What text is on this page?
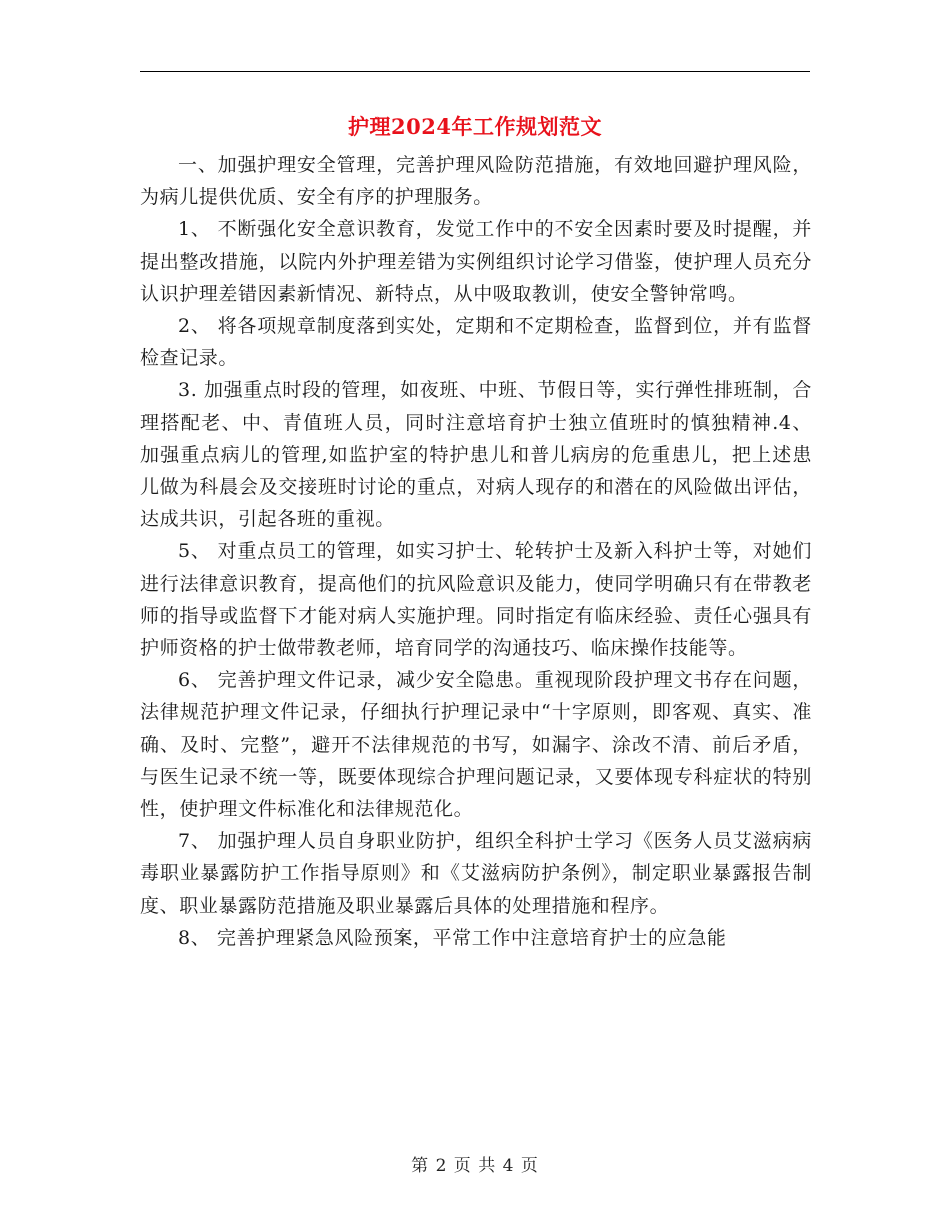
护理2024年工作规划范文

一、加强护理安全管理，完善护理风险防范措施，有效地回避护理风险，为病儿提供优质、安全有序的护理服务。

1、 不断强化安全意识教育，发觉工作中的不安全因素时要及时提醒，并提出整改措施，以院内外护理差错为实例组织讨论学习借鉴，使护理人员充分认识护理差错因素新情况、新特点，从中吸取教训，使安全警钟常鸣。

2、 将各项规章制度落到实处，定期和不定期检查，监督到位，并有监督检查记录。

3. 加强重点时段的管理，如夜班、中班、节假日等，实行弹性排班制，合理搭配老、中、青值班人员，同时注意培育护士独立值班时的慎独精神.4、 加强重点病儿的管理,如监护室的特护患儿和普儿病房的危重患儿，把上述患儿做为科晨会及交接班时讨论的重点，对病人现存的和潜在的风险做出评估，达成共识，引起各班的重视。

5、 对重点员工的管理，如实习护士、轮转护士及新入科护士等，对她们进行法律意识教育，提高他们的抗风险意识及能力，使同学明确只有在带教老师的指导或监督下才能对病人实施护理。同时指定有临床经验、责任心强具有护师资格的护士做带教老师，培育同学的沟通技巧、临床操作技能等。

6、 完善护理文件记录，减少安全隐患。重视现阶段护理文书存在问题，法律规范护理文件记录，仔细执行护理记录中“十字原则，即客观、真实、准确、及时、完整”，避开不法律规范的书写，如漏字、涂改不清、前后矛盾，与医生记录不统一等，既要体现综合护理问题记录，又要体现专科症状的特别性，使护理文件标准化和法律规范化。

7、 加强护理人员自身职业防护，组织全科护士学习《医务人员艾滋病病毒职业暴露防护工作指导原则》和《艾滋病防护条例》，制定职业暴露报告制度、职业暴露防范措施及职业暴露后具体的处理措施和程序。

8、 完善护理紧急风险预案，平常工作中注意培育护士的应急能

第 2 页 共 4 页
